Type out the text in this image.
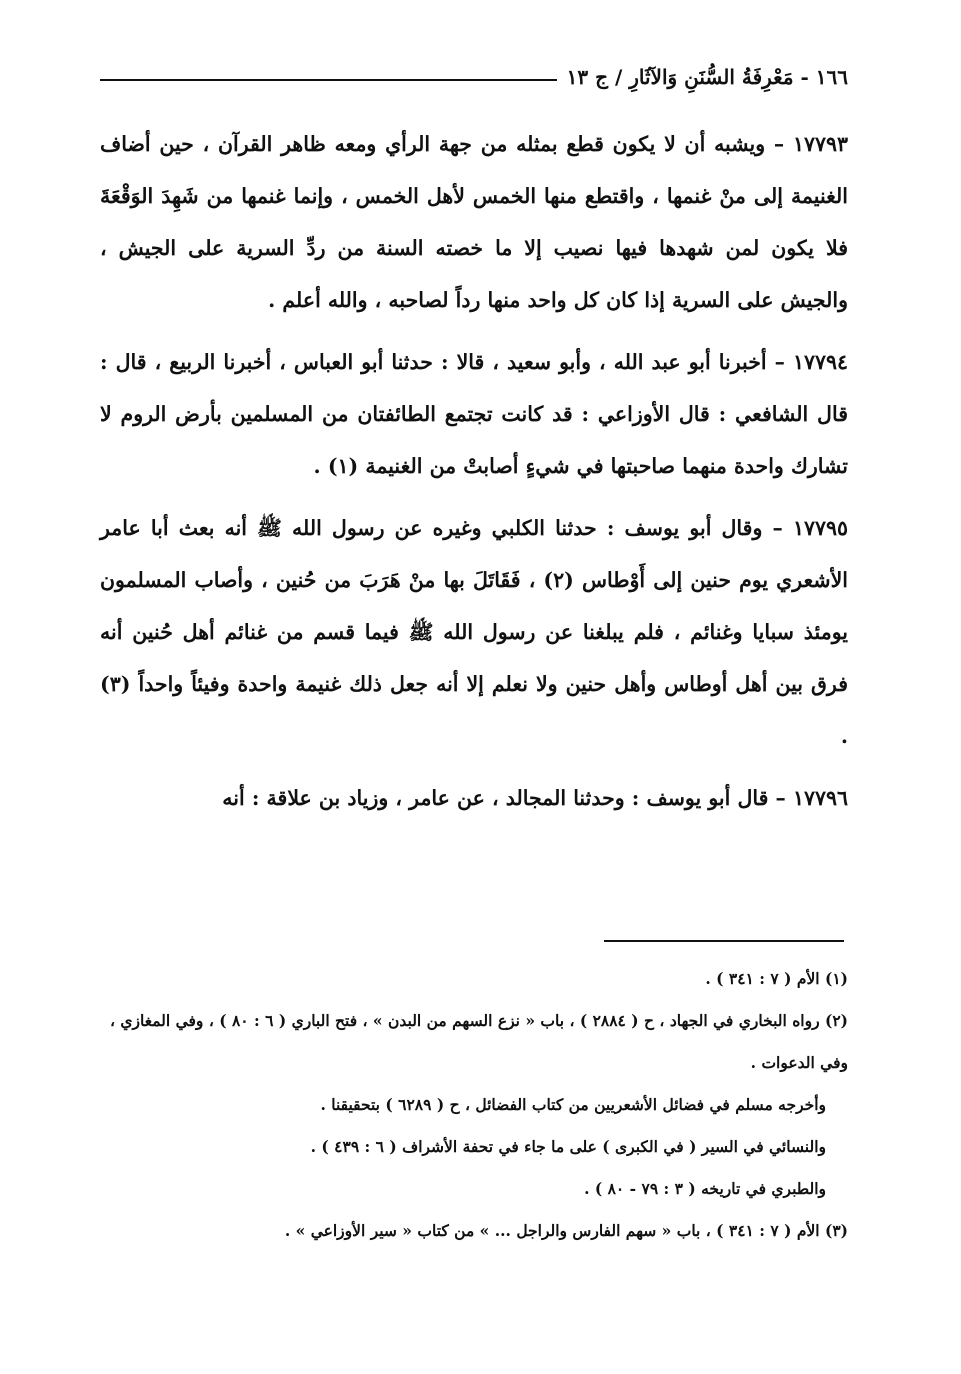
١٦٦ - مَعْرِفَةُ السُّنَنِ وَالآثَارِ / ج ١٣

١٧٧٩٣ – ويشبه أن لا يكون قطع بمثله من جهة الرأي ومعه ظاهر القرآن ، حين أضاف الغنيمة إلى منْ غنمها ، واقتطع منها الخمس لأهل الخمس ، وإنما غنمها من شَهِدَ الوَقْعَةَ فلا يكون لمن شهدها فيها نصيب إلا ما خصته السنة من ردِّ السرية على الجيش ، والجيش على السرية إذا كان كل واحد منها رداً لصاحبه ، والله أعلم .

١٧٧٩٤ – أخبرنا أبو عبد الله ، وأبو سعيد ، قالا : حدثنا أبو العباس ، أخبرنا الربيع ، قال : قال الشافعي : قال الأوزاعي : قد كانت تجتمع الطائفتان من المسلمين بأرض الروم لا تشارك واحدة منهما صاحبتها في شيءٍ أصابتْ من الغنيمة (١) .

١٧٧٩٥ – وقال أبو يوسف : حدثنا الكلبي وغيره عن رسول الله ﷺ أنه بعث أبا عامر الأشعري يوم حنين إلى أَوْطاس (٢) ، فَقَاتَلَ بها منْ هَرَبَ من حُنين ، وأصاب المسلمون يومئذ سبايا وغنائم ، فلم يبلغنا عن رسول الله ﷺ فيما قسم من غنائم أهل حُنين أنه فرق بين أهل أوطاس وأهل حنين ولا نعلم إلا أنه جعل ذلك غنيمة واحدة وفيئاً واحداً (٣) .

١٧٧٩٦ – قال أبو يوسف : وحدثنا المجالد ، عن عامر ، وزياد بن علاقة : أنه

(١) الأم ( ٧ : ٣٤١ ) .

(٢) رواه البخاري في الجهاد ، ح ( ٢٨٨٤ ) ، باب « نزع السهم من البدن » ، فتح الباري ( ٦ : ٨٠ ) ، وفي المغازي ، وفي الدعوات .

وأخرجه مسلم في فضائل الأشعريين من كتاب الفضائل ، ح ( ٦٢٨٩ ) بتحقيقنا .

والنسائي في السير ( في الكبرى ) على ما جاء في تحفة الأشراف ( ٦ : ٤٣٩ ) .

والطبري في تاريخه ( ٣ : ٧٩ - ٨٠ ) .

(٣) الأم ( ٧ : ٣٤١ ) ، باب « سهم الفارس والراجل ... » من كتاب « سير الأوزاعي » .
